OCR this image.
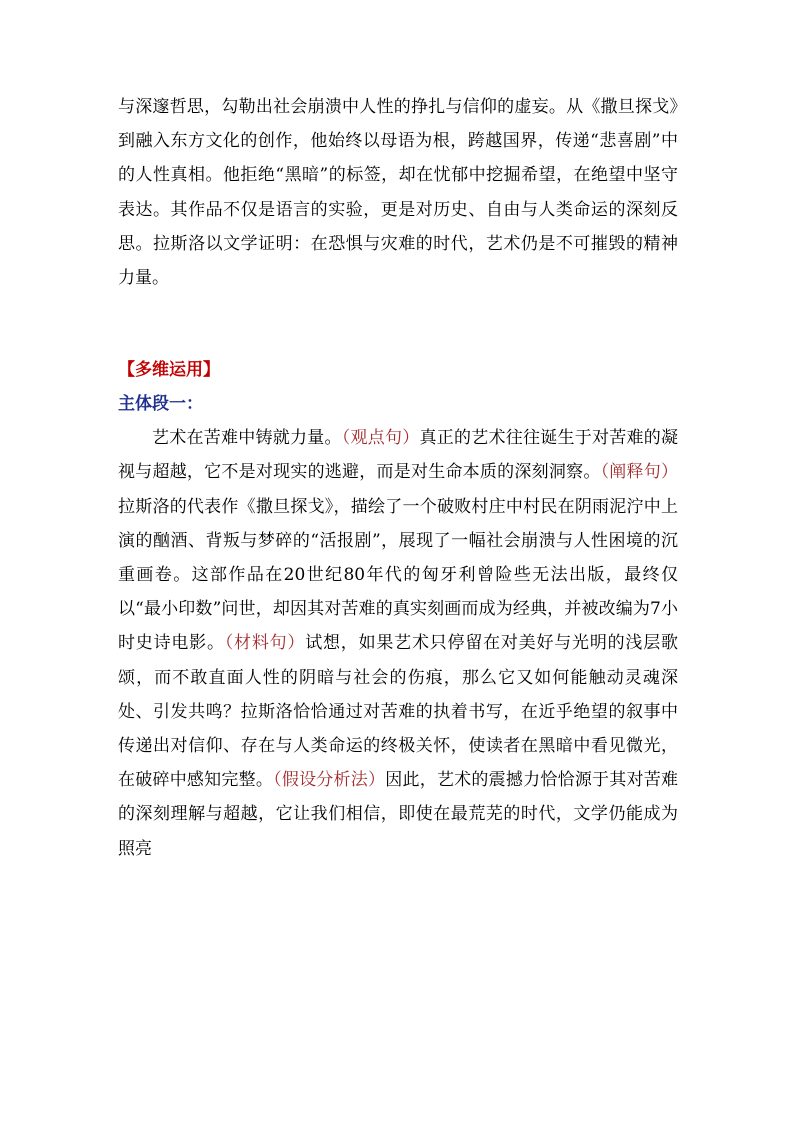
与深邃哲思，勾勒出社会崩溃中人性的挣扎与信仰的虚妄。从《撒旦探戈》到融入东方文化的创作，他始终以母语为根，跨越国界，传递“悲喜剧”中的人性真相。他拒绝“黑暗”的标签，却在忧郁中挖掘希望，在绝望中坚守表达。其作品不仅是语言的实验，更是对历史、自由与人类命运的深刻反思。拉斯洛以文学证明：在恐惧与灾难的时代，艺术仍是不可摧毁的精神力量。

【多维运用】
主体段一：

艺术在苦难中铸就力量。（观点句）真正的艺术往往诞生于对苦难的凝视与超越，它不是对现实的逃避，而是对生命本质的深刻洞察。（阐释句）拉斯洛的代表作《撒旦探戈》，描绘了一个破败村庄中村民在阴雨泥泞中上演的酗酒、背叛与梦碎的“活报剧”，展现了一幅社会崩溃与人性困境的沉重画卷。这部作品在20世纪80年代的匈牙利曾险些无法出版，最终仅以“最小印数”问世，却因其对苦难的真实刻画而成为经典，并被改编为7小时史诗电影。（材料句）试想，如果艺术只停留在对美好与光明的浅层歌颂，而不敢直面人性的阴暗与社会的伤痕，那么它又如何能触动灵魂深处、引发共鸣？拉斯洛恰恰通过对苦难的执着书写，在近乎绝望的叙事中传递出对信仰、存在与人类命运的终极关怀，使读者在黑暗中看见微光，在破碎中感知完整。（假设分析法）因此，艺术的震撼力恰恰源于其对苦难的深刻理解与超越，它让我们相信，即使在最荒芜的时代，文学仍能成为照亮
